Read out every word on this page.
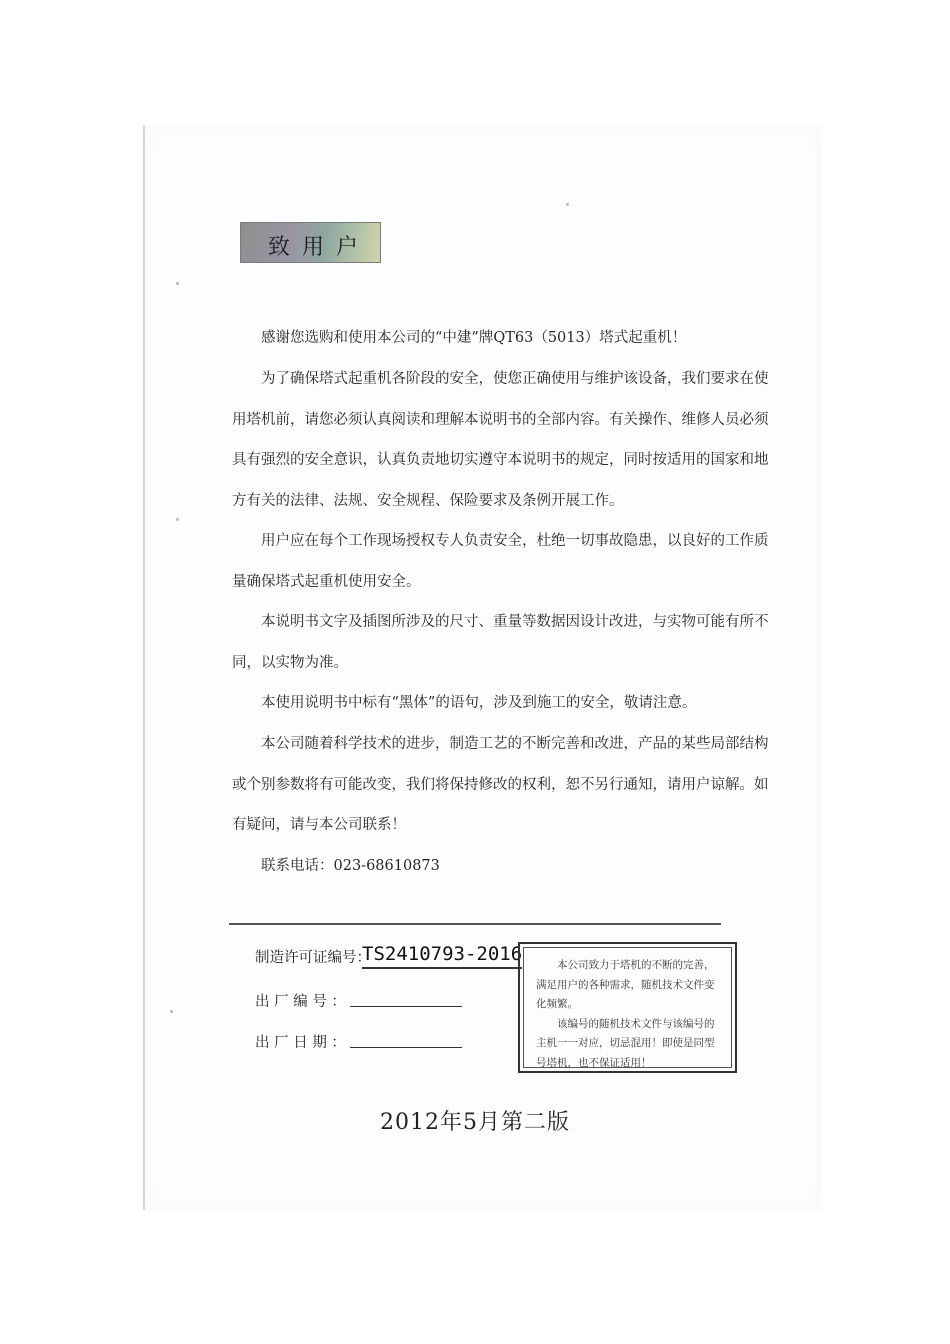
致用户

感谢您选购和使用本公司的“中建”牌QT63（5013）塔式起重机！

为了确保塔式起重机各阶段的安全，使您正确使用与维护该设备，我们要求在使
用塔机前，请您必须认真阅读和理解本说明书的全部内容。有关操作、维修人员必须
具有强烈的安全意识，认真负责地切实遵守本说明书的规定，同时按适用的国家和地
方有关的法律、法规、安全规程、保险要求及条例开展工作。

用户应在每个工作现场授权专人负责安全，杜绝一切事故隐患，以良好的工作质
量确保塔式起重机使用安全。

本说明书文字及插图所涉及的尺寸、重量等数据因设计改进，与实物可能有所不
同，以实物为准。

本使用说明书中标有“黑体”的语句，涉及到施工的安全，敬请注意。

本公司随着科学技术的进步，制造工艺的不断完善和改进，产品的某些局部结构
或个别参数将有可能改变，我们将保持修改的权利，恕不另行通知，请用户谅解。如
有疑问，请与本公司联系！

联系电话：023-68610873

制造许可证编号：
TS2410793-2016
出 厂 编 号 ：
出 厂 日 期 ：

本公司致力于塔机的不断的完善，

满足用户的各种需求，随机技术文件变

化频繁。

该编号的随机技术文件与该编号的

主机一一对应，切忌混用！即使是同型

号塔机，也不保证适用！

2012年5月第二版
